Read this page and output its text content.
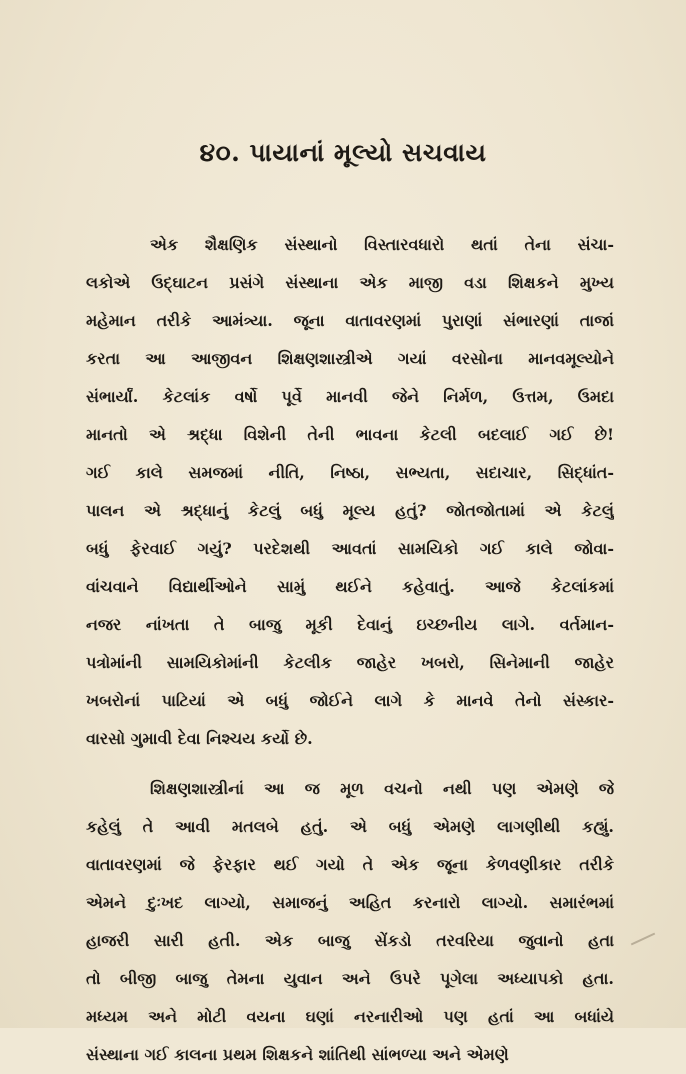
૪૦. પાયાનાં મૂલ્યો સચવાય
એક શૈક્ષણિક સંસ્થાનો વિસ્તારવધારો થતાં તેના સંચા-
લકોએ ઉદ્ઘાટન પ્રસંગે સંસ્થાના એક માજી વડા શિક્ષકને મુખ્ય
મહેમાન તરીકે આમંત્ર્યા. જૂના વાતાવરણમાં પુરાણાં સંભારણાં તાજાં
કરતા આ આજીવન શિક્ષણશાસ્ત્રીએ ગયાં વરસોના માનવમૂલ્યોને
સંભાર્યાં. કેટલાંક વર્ષો પૂર્વે માનવી જેને નિર્મળ, ઉત્તમ, ઉમદા
માનતો એ શ્રદ્ધા વિશેની તેની ભાવના કેટલી બદલાઈ ગઈ છે!
ગઈ કાલે સમજમાં નીતિ, નિષ્ઠા, સભ્યતા, સદાચાર, સિદ્ધાંત-
પાલન એ શ્રદ્ધાનું કેટલું બધું મૂલ્ય હતું? જોતજોતામાં એ કેટલું
બધું ફેરવાઈ ગયું? પરદેશથી આવતાં સામયિકો ગઈ કાલે જોવા-
વાંચવાને વિદ્યાર્થીઓને સામું થઈને કહેવાતું. આજે કેટલાંકમાં
નજર નાંખતા તે બાજુ મૂકી દેવાનું ઇચ્છનીય લાગે. વર્તમાન-
પત્રોમાંની સામયિકોમાંની કેટલીક જાહેર ખબરો, સિનેમાની જાહેર
ખબરોનાં પાટિયાં એ બધું જોઈને લાગે કે માનવે તેનો સંસ્કાર-
વારસો ગુમાવી દેવા નિશ્ચય કર્યો છે.
શિક્ષણશાસ્ત્રીનાં આ જ મૂળ વચનો નથી પણ એમણે જે
કહેલું તે આવી મતલબે હતું. એ બધું એમણે લાગણીથી કહ્યું.
વાતાવરણમાં જે ફેરફાર થઈ ગયો તે એક જૂના કેળવણીકાર તરીકે
એમને દુઃખદ લાગ્યો, સમાજનું અહિત કરનારો લાગ્યો. સમારંભમાં
હાજરી સારી હતી. એક બાજુ સેંકડો તરવરિયા જુવાનો હતા
તો બીજી બાજુ તેમના યુવાન અને ઉપરે પૂગેલા અધ્યાપકો હતા.
મધ્યમ અને મોટી વયના ઘણાં નરનારીઓ પણ હતાં આ બધાંયે
સંસ્થાના ગઈ કાલના પ્રથમ શિક્ષકને શાંતિથી સાંભળ્યા અને એમણે
